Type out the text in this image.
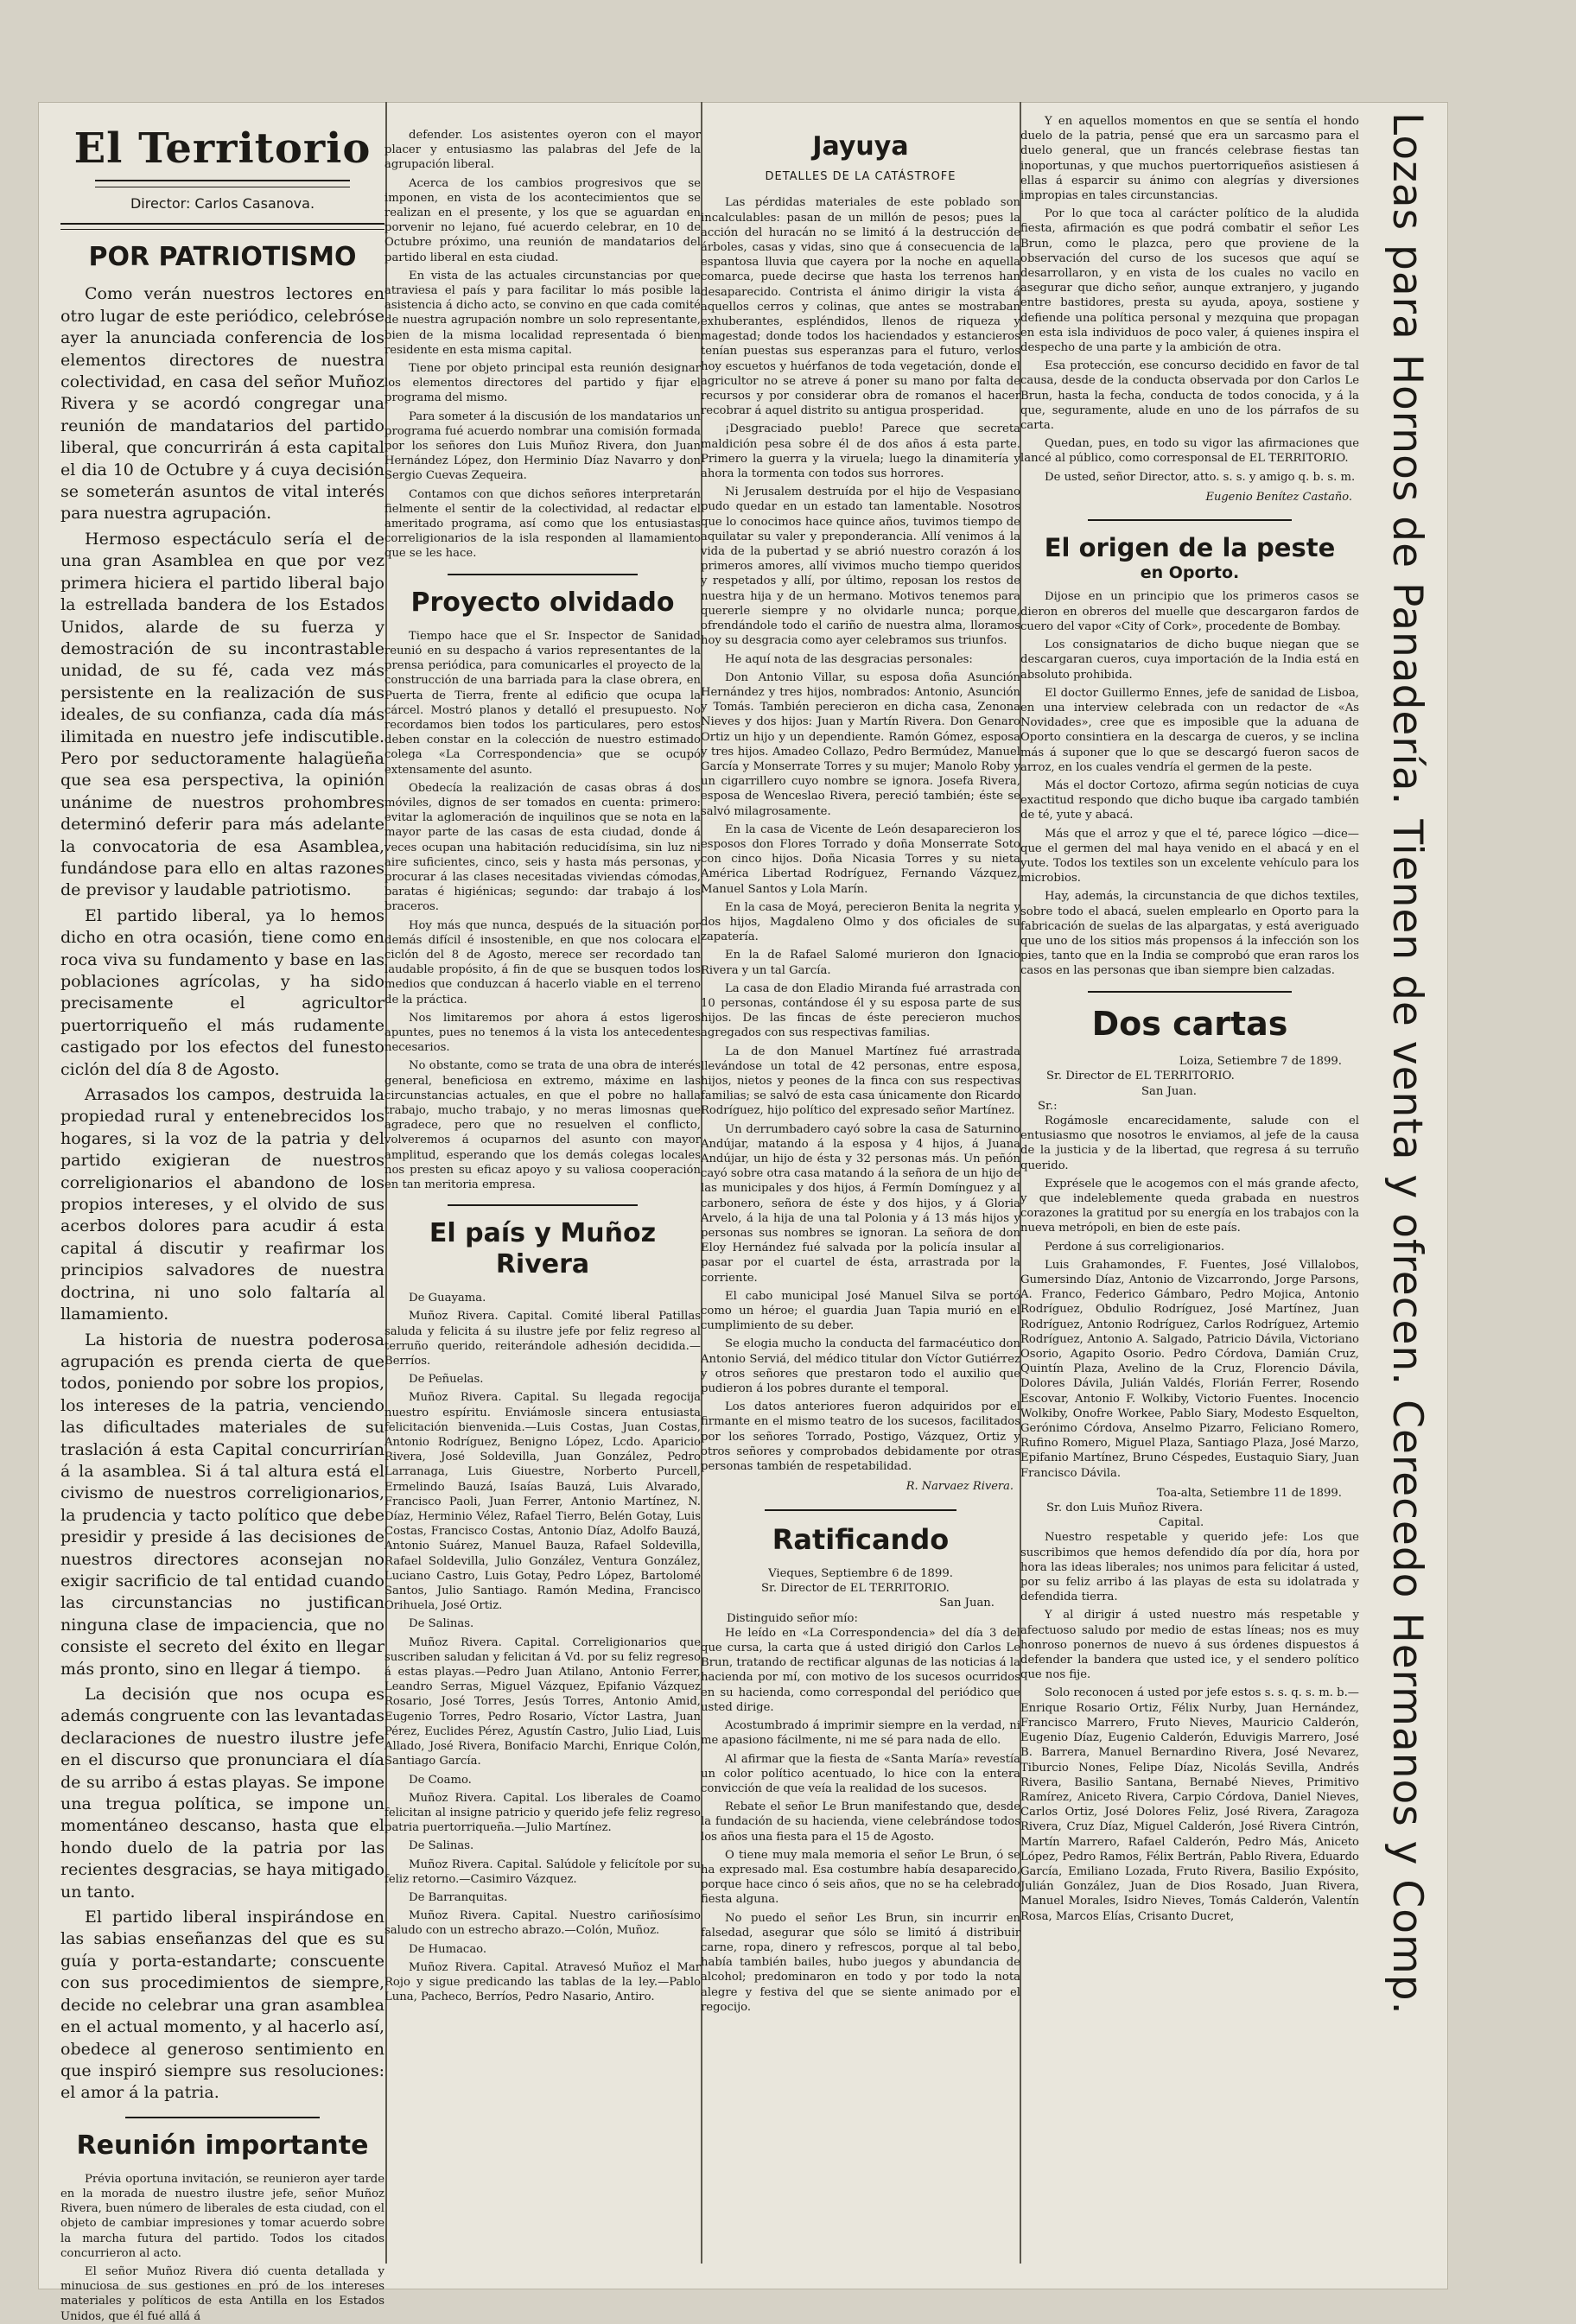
El Territorio
Director: Carlos Casanova.
POR PATRIOTISMO

Como verán nuestros lectores en otro lugar de este periódico, celebróse ayer la anunciada conferencia de los elementos directores de nuestra colectividad, en casa del señor Muñoz Rivera y se acordó congregar una reunión de mandatarios del partido liberal, que concurrirán á esta capital el dia 10 de Octubre y á cuya decisión se someterán asuntos de vital interés para nuestra agrupación.

Hermoso espectáculo sería el de una gran Asamblea en que por vez primera hiciera el partido liberal bajo la estrellada bandera de los Estados Unidos, alarde de su fuerza y demostración de su incontrastable unidad, de su fé, cada vez más persistente en la realización de sus ideales, de su confianza, cada día más ilimitada en nuestro jefe indiscutible. Pero por seductoramente halagüeña que sea esa perspectiva, la opinión unánime de nuestros prohombres determinó deferir para más adelante la convocatoria de esa Asamblea, fundándose para ello en altas razones de previsor y laudable patriotismo.

El partido liberal, ya lo hemos dicho en otra ocasión, tiene como en roca viva su fundamento y base en las poblaciones agrícolas, y ha sido precisamente el agricultor puertorriqueño el más rudamente castigado por los efectos del funesto ciclón del día 8 de Agosto.

Arrasados los campos, destruida la propiedad rural y entenebrecidos los hogares, si la voz de la patria y del partido exigieran de nuestros correligionarios el abandono de los propios intereses, y el olvido de sus acerbos dolores para acudir á esta capital á discutir y reafirmar los principios salvadores de nuestra doctrina, ni uno solo faltaría al llamamiento.

La historia de nuestra poderosa agrupación es prenda cierta de que todos, poniendo por sobre los propios, los intereses de la patria, venciendo las dificultades materiales de su traslación á esta Capital concurrirían á la asamblea. Si á tal altura está el civismo de nuestros correligionarios, la prudencia y tacto político que debe presidir y preside á las decisiones de nuestros directores aconsejan no exigir sacrificio de tal entidad cuando las circunstancias no justifican ninguna clase de impaciencia, que no consiste el secreto del éxito en llegar más pronto, sino en llegar á tiempo.

La decisión que nos ocupa es además congruente con las levantadas declaraciones de nuestro ilustre jefe en el discurso que pronunciara el día de su arribo á estas playas. Se impone una tregua política, se impone un momentáneo descanso, hasta que el hondo duelo de la patria por las recientes desgracias, se haya mitigado un tanto.

El partido liberal inspirándose en las sabias enseñanzas del que es su guía y porta-estandarte; conscuente con sus procedimientos de siempre, decide no celebrar una gran asamblea en el actual momento, y al hacerlo así, obedece al generoso sentimiento en que inspiró siempre sus resoluciones: el amor á la patria.

Reunión importante

Prévia oportuna invitación, se reunieron ayer tarde en la morada de nuestro ilustre jefe, señor Muñoz Rivera, buen número de liberales de esta ciudad, con el objeto de cambiar impresiones y tomar acuerdo sobre la marcha futura del partido. Todos los citados concurrieron al acto.

El señor Muñoz Rivera dió cuenta detallada y minuciosa de sus gestiones en pró de los intereses materiales y políticos de esta Antilla en los Estados Unidos, que él fué allá á

defender. Los asistentes oyeron con el mayor placer y entusiasmo las palabras del Jefe de la agrupación liberal.

Acerca de los cambios progresivos que se imponen, en vista de los acontecimientos que se realizan en el presente, y los que se aguardan en porvenir no lejano, fué acuerdo celebrar, en 10 de Octubre próximo, una reunión de mandatarios del partido liberal en esta ciudad.

En vista de las actuales circunstancias por que atraviesa el país y para facilitar lo más posible la asistencia á dicho acto, se convino en que cada comité de nuestra agrupación nombre un solo representante, bien de la misma localidad representada ó bien residente en esta misma capital.

Tiene por objeto principal esta reunión designar los elementos directores del partido y fijar el programa del mismo.

Para someter á la discusión de los mandatarios un programa fué acuerdo nombrar una comisión formada por los señores don Luis Muñoz Rivera, don Juan Hernández López, don Herminio Díaz Navarro y don Sergio Cuevas Zequeira.

Contamos con que dichos señores interpretarán fielmente el sentir de la colectividad, al redactar el ameritado programa, así como que los entusiastas correligionarios de la isla responden al llamamiento que se les hace.

Proyecto olvidado

Tiempo hace que el Sr. Inspector de Sanidad reunió en su despacho á varios representantes de la prensa periódica, para comunicarles el proyecto de la construcción de una barriada para la clase obrera, en Puerta de Tierra, frente al edificio que ocupa la cárcel. Mostró planos y detalló el presupuesto. No recordamos bien todos los particulares, pero estos deben constar en la colección de nuestro estimado colega «La Correspondencia» que se ocupó extensamente del asunto.

Obedecía la realización de casas obras á dos móviles, dignos de ser tomados en cuenta: primero: evitar la aglomeración de inquilinos que se nota en la mayor parte de las casas de esta ciudad, donde á veces ocupan una habitación reducidísima, sin luz ni aire suficientes, cinco, seis y hasta más personas, y procurar á las clases necesitadas viviendas cómodas, baratas é higiénicas; segundo: dar trabajo á los braceros.

Hoy más que nunca, después de la situación por demás difícil é insostenible, en que nos colocara el ciclón del 8 de Agosto, merece ser recordado tan laudable propósito, á fin de que se busquen todos los medios que conduzcan á hacerlo viable en el terreno de la práctica.

Nos limitaremos por ahora á estos ligeros apuntes, pues no tenemos á la vista los antecedentes necesarios.

No obstante, como se trata de una obra de interés general, beneficiosa en extremo, máxime en las circunstancias actuales, en que el pobre no halla trabajo, mucho trabajo, y no meras limosnas que agradece, pero que no resuelven el conflicto, volveremos á ocuparnos del asunto con mayor amplitud, esperando que los demás colegas locales nos presten su eficaz apoyo y su valiosa cooperación en tan meritoria empresa.

El país y Muñoz Rivera

De Guayama.

Muñoz Rivera. Capital. Comité liberal Patillas saluda y felicita á su ilustre jefe por feliz regreso al terruño querido, reiterándole adhesión decidida.—Berríos.

De Peñuelas.

Muñoz Rivera. Capital. Su llegada regocija nuestro espíritu. Enviámosle sincera entusiasta felicitación bienvenida.—Luis Costas, Juan Costas, Antonio Rodríguez, Benigno López, Lcdo. Aparicio Rivera, José Soldevilla, Juan González, Pedro Larranaga, Luis Giuestre, Norberto Purcell, Ermelindo Bauzá, Isaías Bauzá, Luis Alvarado, Francisco Paoli, Juan Ferrer, Antonio Martínez, N. Díaz, Herminio Vélez, Rafael Tierro, Belén Gotay, Luis Costas, Francisco Costas, Antonio Díaz, Adolfo Bauzá, Antonio Suárez, Manuel Bauza, Rafael Soldevilla, Rafael Soldevilla, Julio González, Ventura González, Luciano Castro, Luis Gotay, Pedro López, Bartolomé Santos, Julio Santiago. Ramón Medina, Francisco Orihuela, José Ortiz.

De Salinas.

Muñoz Rivera. Capital. Correligionarios que suscriben saludan y felicitan á Vd. por su feliz regreso á estas playas.—Pedro Juan Atilano, Antonio Ferrer, Leandro Serras, Miguel Vázquez, Epifanio Vázquez Rosario, José Torres, Jesús Torres, Antonio Amid, Eugenio Torres, Pedro Rosario, Víctor Lastra, Juan Pérez, Euclides Pérez, Agustín Castro, Julio Liad, Luis Allado, José Rivera, Bonifacio Marchi, Enrique Colón, Santiago García.

De Coamo.

Muñoz Rivera. Capital. Los liberales de Coamo felicitan al insigne patricio y querido jefe feliz regreso patria puertorriqueña.—Julio Martínez.

De Salinas.

Muñoz Rivera. Capital. Salúdole y felicítole por su feliz retorno.—Casimiro Vázquez.

De Barranquitas.

Muñoz Rivera. Capital. Nuestro cariñosísimo saludo con un estrecho abrazo.—Colón, Muñoz.

De Humacao.

Muñoz Rivera. Capital. Atravesó Muñoz el Mar Rojo y sigue predicando las tablas de la ley.—Pablo Luna, Pacheco, Berríos, Pedro Nasario, Antiro.

Jayuya
DETALLES DE LA CATÁSTROFE

Las pérdidas materiales de este poblado son incalculables: pasan de un millón de pesos; pues la acción del huracán no se limitó á la destrucción de árboles, casas y vidas, sino que á consecuencia de la espantosa lluvia que cayera por la noche en aquella comarca, puede decirse que hasta los terrenos han desaparecido. Contrista el ánimo dirigir la vista á aquellos cerros y colinas, que antes se mostraban exhuberantes, espléndidos, llenos de riqueza y magestad; donde todos los haciendados y estancieros tenían puestas sus esperanzas para el futuro, verlos hoy escuetos y huérfanos de toda vegetación, donde el agricultor no se atreve á poner su mano por falta de recursos y por considerar obra de romanos el hacer recobrar á aquel distrito su antigua prosperidad.

¡Desgraciado pueblo! Parece que secreta maldición pesa sobre él de dos años á esta parte. Primero la guerra y la viruela; luego la dinamitería y ahora la tormenta con todos sus horrores.

Ni Jerusalem destruída por el hijo de Vespasiano pudo quedar en un estado tan lamentable. Nosotros que lo conocimos hace quince años, tuvimos tiempo de aquilatar su valer y preponderancia. Allí venimos á la vida de la pubertad y se abrió nuestro corazón á los primeros amores, allí vivimos mucho tiempo queridos y respetados y allí, por último, reposan los restos de nuestra hija y de un hermano. Motivos tenemos para quererle siempre y no olvidarle nunca; porque, ofrendándole todo el cariño de nuestra alma, lloramos hoy su desgracia como ayer celebramos sus triunfos.

He aquí nota de las desgracias personales:

Don Antonio Villar, su esposa doña Asunción Hernández y tres hijos, nombrados: Antonio, Asunción y Tomás. También perecieron en dicha casa, Zenona Nieves y dos hijos: Juan y Martín Rivera. Don Genaro Ortiz un hijo y un dependiente. Ramón Gómez, esposa y tres hijos. Amadeo Collazo, Pedro Bermúdez, Manuel García y Monserrate Torres y su mujer; Manolo Roby y un cigarrillero cuyo nombre se ignora. Josefa Rivera, esposa de Wenceslao Rivera, pereció también; éste se salvó milagrosamente.

En la casa de Vicente de León desaparecieron los esposos don Flores Torrado y doña Monserrate Soto con cinco hijos. Doña Nicasia Torres y su nieta América Libertad Rodríguez, Fernando Vázquez, Manuel Santos y Lola Marín.

En la casa de Moyá, perecieron Benita la negrita y dos hijos, Magdaleno Olmo y dos oficiales de su zapatería.

En la de Rafael Salomé murieron don Ignacio Rivera y un tal García.

La casa de don Eladio Miranda fué arrastrada con 10 personas, contándose él y su esposa parte de sus hijos. De las fincas de éste perecieron muchos agregados con sus respectivas familias.

La de don Manuel Martínez fué arrastrada llevándose un total de 42 personas, entre esposa, hijos, nietos y peones de la finca con sus respectivas familias; se salvó de esta casa únicamente don Ricardo Rodríguez, hijo político del expresado señor Martínez.

Un derrumbadero cayó sobre la casa de Saturnino Andújar, matando á la esposa y 4 hijos, á Juana Andújar, un hijo de ésta y 32 personas más. Un peñón cayó sobre otra casa matando á la señora de un hijo de las municipales y dos hijos, á Fermín Domínguez y al carbonero, señora de éste y dos hijos, y á Gloria Arvelo, á la hija de una tal Polonia y á 13 más hijos y personas sus nombres se ignoran. La señora de don Eloy Hernández fué salvada por la policía insular al pasar por el cuartel de ésta, arrastrada por la corriente.

El cabo municipal José Manuel Silva se portó como un héroe; el guardia Juan Tapia murió en el cumplimiento de su deber.

Se elogia mucho la conducta del farmacéutico don Antonio Serviá, del médico titular don Víctor Gutiérrez y otros señores que prestaron todo el auxilio que pudieron á los pobres durante el temporal.

Los datos anteriores fueron adquiridos por el firmante en el mismo teatro de los sucesos, facilitados por los señores Torrado, Postigo, Vázquez, Ortiz y otros señores y comprobados debidamente por otras personas también de respetabilidad.

R. Narvaez Rivera.
Ratificando
Vieques, Septiembre 6 de 1899.
Sr. Director de EL TERRITORIO.
San Juan.
Distinguido señor mío:

He leído en «La Correspondencia» del día 3 del que cursa, la carta que á usted dirigió don Carlos Le Brun, tratando de rectificar algunas de las noticias á la hacienda por mí, con motivo de los sucesos ocurridos en su hacienda, como correspondal del periódico que usted dirige.

Acostumbrado á imprimir siempre en la verdad, ni me apasiono fácilmente, ni me sé para nada de ello.

Al afirmar que la fiesta de «Santa María» revestía un color político acentuado, lo hice con la entera convicción de que veía la realidad de los sucesos.

Rebate el señor Le Brun manifestando que, desde la fundación de su hacienda, viene celebrándose todos los años una fiesta para el 15 de Agosto.

O tiene muy mala memoria el señor Le Brun, ó se ha expresado mal. Esa costumbre había desaparecido, porque hace cinco ó seis años, que no se ha celebrado fiesta alguna.

No puedo el señor Les Brun, sin incurrir en falsedad, asegurar que sólo se limitó á distribuir carne, ropa, dinero y refrescos, porque al tal bebo, había también bailes, hubo juegos y abundancia de alcohol; predominaron en todo y por todo la nota alegre y festiva del que se siente animado por el regocijo.

Y en aquellos momentos en que se sentía el hondo duelo de la patria, pensé que era un sarcasmo para el duelo general, que un francés celebrase fiestas tan inoportunas, y que muchos puertorriqueños asistiesen á ellas á esparcir su ánimo con alegrías y diversiones impropias en tales circunstancias.

Por lo que toca al carácter político de la aludida fiesta, afirmación es que podrá combatir el señor Les Brun, como le plazca, pero que proviene de la observación del curso de los sucesos que aquí se desarrollaron, y en vista de los cuales no vacilo en asegurar que dicho señor, aunque extranjero, y jugando entre bastidores, presta su ayuda, apoya, sostiene y defiende una política personal y mezquina que propagan en esta isla individuos de poco valer, á quienes inspira el despecho de una parte y la ambición de otra.

Esa protección, ese concurso decidido en favor de tal causa, desde de la conducta observada por don Carlos Le Brun, hasta la fecha, conducta de todos conocida, y á la que, seguramente, alude en uno de los párrafos de su carta.

Quedan, pues, en todo su vigor las afirmaciones que lancé al público, como corresponsal de EL TERRITORIO.

De usted, señor Director, atto. s. s. y amigo q. b. s. m.

Eugenio Benítez Castaño.
El origen de la peste
en Oporto.

Dijose en un principio que los primeros casos se dieron en obreros del muelle que descargaron fardos de cuero del vapor «City of Cork», procedente de Bombay.

Los consignatarios de dicho buque niegan que se descargaran cueros, cuya importación de la India está en absoluto prohibida.

El doctor Guillermo Ennes, jefe de sanidad de Lisboa, en una interview celebrada con un redactor de «As Novidades», cree que es imposible que la aduana de Oporto consintiera en la descarga de cueros, y se inclina más á suponer que lo que se descargó fueron sacos de arroz, en los cuales vendría el germen de la peste.

Más el doctor Cortozo, afirma según noticias de cuya exactitud respondo que dicho buque iba cargado también de té, yute y abacá.

Más que el arroz y que el té, parece lógico —dice— que el germen del mal haya venido en el abacá y en el yute. Todos los textiles son un excelente vehículo para los microbios.

Hay, además, la circunstancia de que dichos textiles, sobre todo el abacá, suelen emplearlo en Oporto para la fabricación de suelas de las alpargatas, y está averiguado que uno de los sitios más propensos á la infección son los pies, tanto que en la India se comprobó que eran raros los casos en las personas que iban siempre bien calzadas.

Dos cartas
Loiza, Setiembre 7 de 1899.
Sr. Director de EL TERRITORIO.
San Juan.
Sr.:

Rogámosle encarecidamente, salude con el entusiasmo que nosotros le enviamos, al jefe de la causa de la justicia y de la libertad, que regresa á su terruño querido.

Exprésele que le acogemos con el más grande afecto, y que indeleblemente queda grabada en nuestros corazones la gratitud por su energía en los trabajos con la nueva metrópoli, en bien de este país.

Perdone á sus correligionarios.

Luis Grahamondes, F. Fuentes, José Villalobos, Gumersindo Díaz, Antonio de Vizcarrondo, Jorge Parsons, A. Franco, Federico Gámbaro, Pedro Mojica, Antonio Rodríguez, Obdulio Rodríguez, José Martínez, Juan Rodríguez, Antonio Rodríguez, Carlos Rodríguez, Artemio Rodríguez, Antonio A. Salgado, Patricio Dávila, Victoriano Osorio, Agapito Osorio. Pedro Córdova, Damián Cruz, Quintín Plaza, Avelino de la Cruz, Florencio Dávila, Dolores Dávila, Julián Valdés, Florián Ferrer, Rosendo Escovar, Antonio F. Wolkiby, Victorio Fuentes. Inocencio Wolkiby, Onofre Workee, Pablo Siary, Modesto Esquelton, Gerónimo Córdova, Anselmo Pizarro, Feliciano Romero, Rufino Romero, Miguel Plaza, Santiago Plaza, José Marzo, Epifanio Martínez, Bruno Céspedes, Eustaquio Siary, Juan Francisco Dávila.

Toa-alta, Setiembre 11 de 1899.
Sr. don Luis Muñoz Rivera.
Capital.

Nuestro respetable y querido jefe: Los que suscribimos que hemos defendido día por día, hora por hora las ideas liberales; nos unimos para felicitar á usted, por su feliz arribo á las playas de esta su idolatrada y defendida tierra.

Y al dirigir á usted nuestro más respetable y afectuoso saludo por medio de estas líneas; nos es muy honroso ponernos de nuevo á sus órdenes dispuestos á defender la bandera que usted ice, y el sendero político que nos fije.

Solo reconocen á usted por jefe estos s. s. q. s. m. b.—Enrique Rosario Ortiz, Félix Nurby, Juan Hernández, Francisco Marrero, Fruto Nieves, Mauricio Calderón, Eugenio Díaz, Eugenio Calderón, Eduvigis Marrero, José B. Barrera, Manuel Bernardino Rivera, José Nevarez, Tiburcio Nones, Felipe Díaz, Nicolás Sevilla, Andrés Rivera, Basilio Santana, Bernabé Nieves, Primitivo Ramírez, Aniceto Rivera, Carpio Córdova, Daniel Nieves, Carlos Ortiz, José Dolores Feliz, José Rivera, Zaragoza Rivera, Cruz Díaz, Miguel Calderón, José Rivera Cintrón, Martín Marrero, Rafael Calderón, Pedro Más, Aniceto López, Pedro Ramos, Félix Bertrán, Pablo Rivera, Eduardo García, Emiliano Lozada, Fruto Rivera, Basilio Expósito, Julián González, Juan de Dios Rosado, Juan Rivera, Manuel Morales, Isidro Nieves, Tomás Calderón, Valentín Rosa, Marcos Elías, Crisanto Ducret,	Lozas para Hornos de Panadería. Tienen de venta y ofrecen. Cerecedo Hermanos y Comp.
